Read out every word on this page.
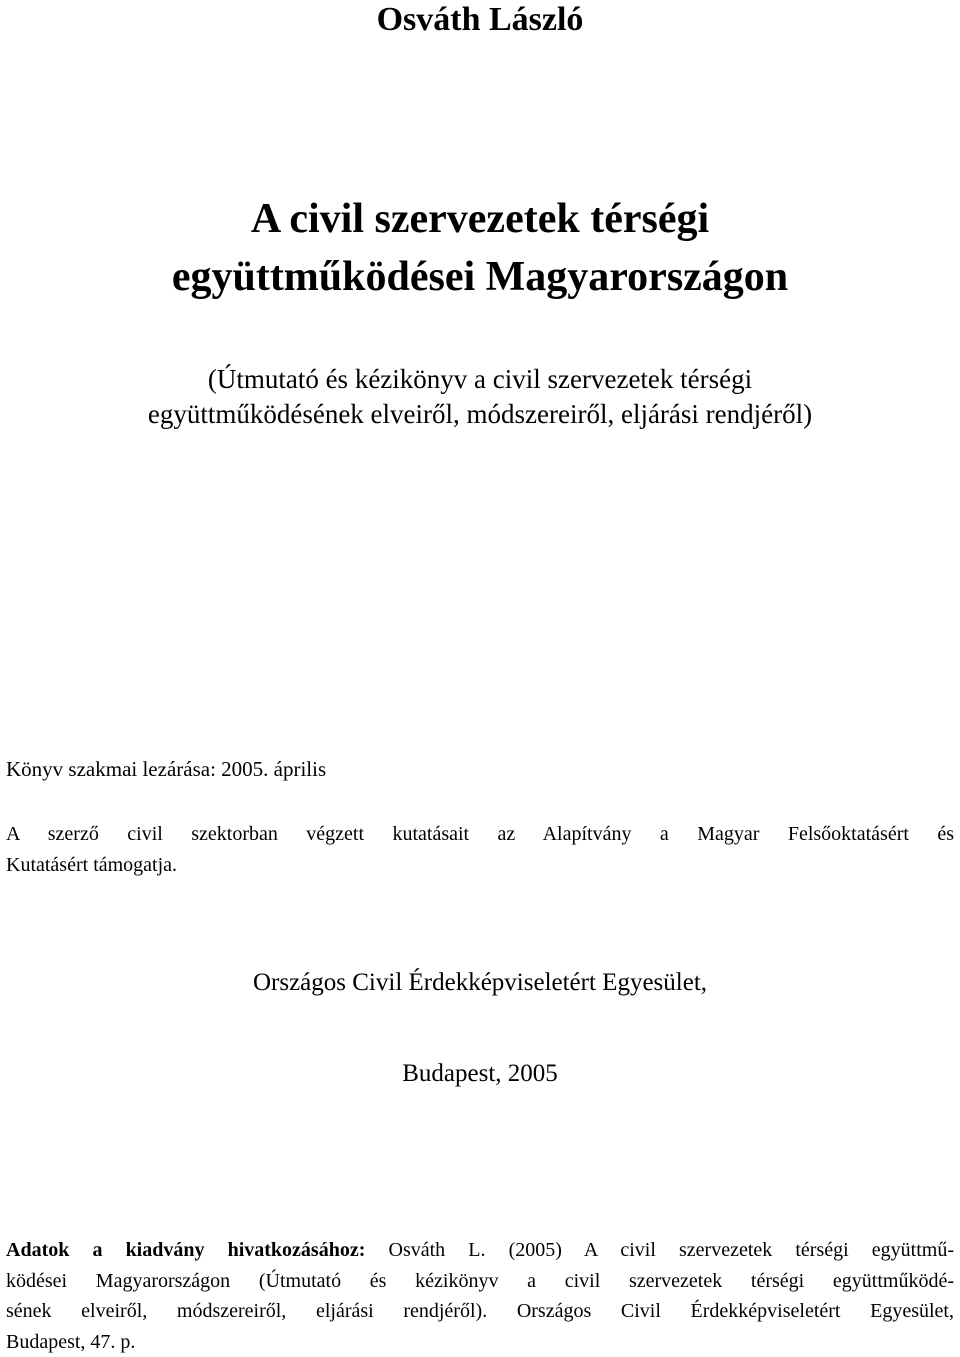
Osváth László
A civil szervezetek térségi
együttműködései Magyarországon
(Útmutató és kézikönyv a civil szervezetek térségi
együttműködésének elveiről, módszereiről, eljárási rendjéről)
Könyv szakmai lezárása: 2005. április
A szerző civil szektorban végzett kutatásait az Alapítvány a Magyar Felsőoktatásért és
Kutatásért támogatja.
Országos Civil Érdekképviseletért Egyesület,
Budapest, 2005
Adatok a kiadvány hivatkozásához: Osváth L. (2005) A civil szervezetek térségi együttmű-
ködései Magyarországon (Útmutató és kézikönyv a civil szervezetek térségi együttműködé-
sének elveiről, módszereiről, eljárási rendjéről). Országos Civil Érdekképviseletért Egyesület,
Budapest, 47. p.
